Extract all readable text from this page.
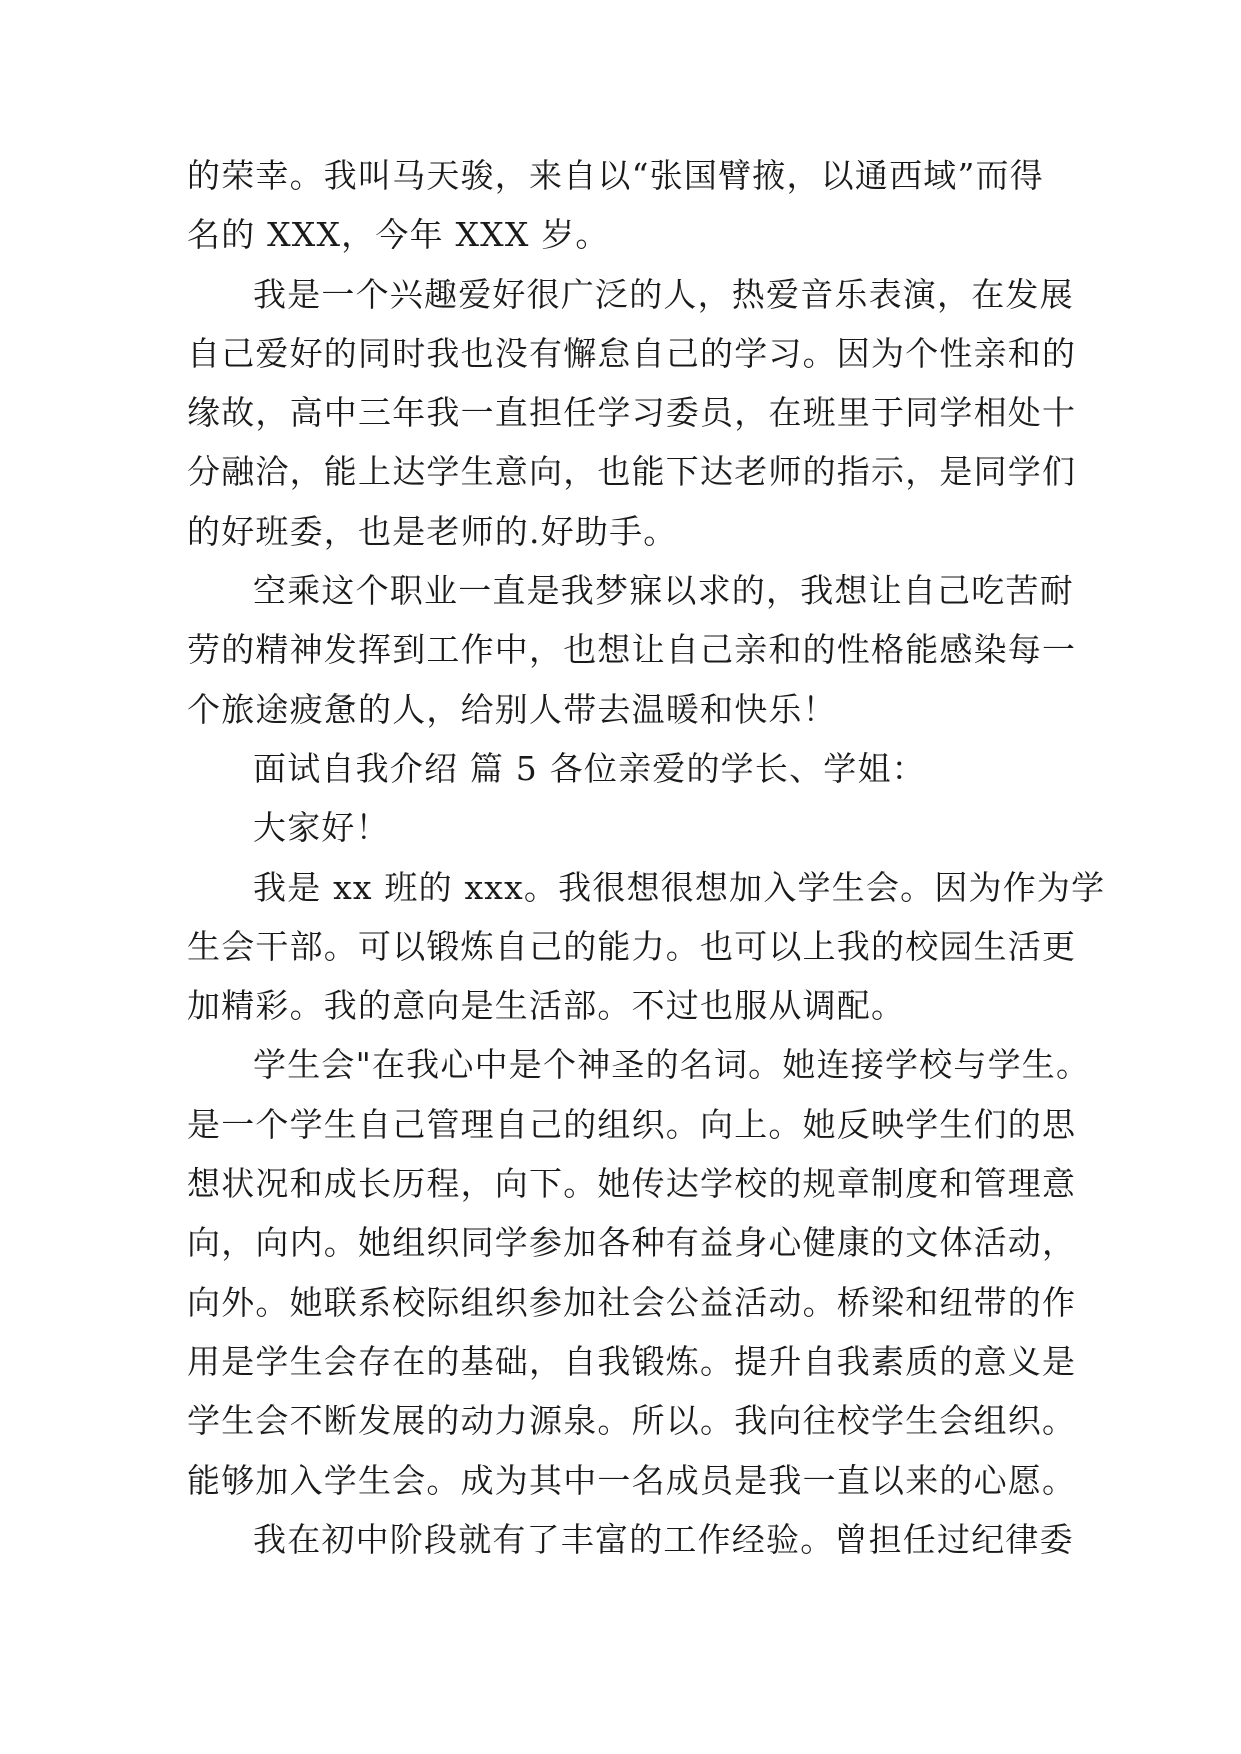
的荣幸。我叫马天骏，来自以“张国臂掖，以通西域”而得
名的 XXX，今年 XXX 岁。
我是一个兴趣爱好很广泛的人，热爱音乐表演，在发展
自己爱好的同时我也没有懈怠自己的学习。因为个性亲和的
缘故，高中三年我一直担任学习委员，在班里于同学相处十
分融洽，能上达学生意向，也能下达老师的指示，是同学们
的好班委，也是老师的.好助手。
空乘这个职业一直是我梦寐以求的，我想让自己吃苦耐
劳的精神发挥到工作中，也想让自己亲和的性格能感染每一
个旅途疲惫的人，给别人带去温暖和快乐！
面试自我介绍 篇 5 各位亲爱的学长、学姐：
大家好！
我是 xx 班的 xxx。我很想很想加入学生会。因为作为学
生会干部。可以锻炼自己的能力。也可以上我的校园生活更
加精彩。我的意向是生活部。不过也服从调配。
学生会"在我心中是个神圣的名词。她连接学校与学生。
是一个学生自己管理自己的组织。向上。她反映学生们的思
想状况和成长历程，向下。她传达学校的规章制度和管理意
向，向内。她组织同学参加各种有益身心健康的文体活动，
向外。她联系校际组织参加社会公益活动。桥梁和纽带的作
用是学生会存在的基础，自我锻炼。提升自我素质的意义是
学生会不断发展的动力源泉。所以。我向往校学生会组织。
能够加入学生会。成为其中一名成员是我一直以来的心愿。
我在初中阶段就有了丰富的工作经验。曾担任过纪律委
